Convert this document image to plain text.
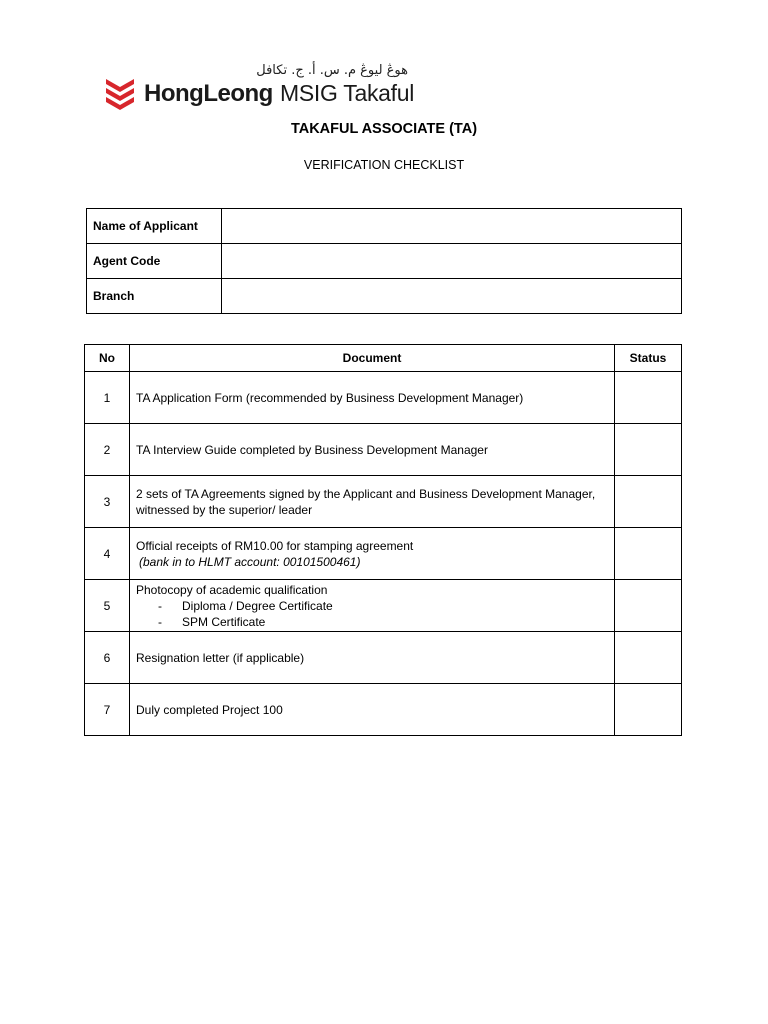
HongLeong MSIG Takaful
هوڠ ليوڠ م. س. أ. ج. تكافل
TAKAFUL ASSOCIATE (TA)
VERIFICATION CHECKLIST
Name of Applicant	
Agent Code	
Branch	
No	Document	Status
1	TA Application Form (recommended by Business Development Manager)	
2	TA Interview Guide completed by Business Development Manager	
3	2 sets of TA Agreements signed by the Applicant and Business Development Manager, witnessed by the superior/ leader	
4	Official receipts of RM10.00 for stamping agreement
(bank in to HLMT account: 00101500461)	

5	Photocopy of academic qualification
- Diploma / Degree Certificate
- SPM Certificate	

6	Resignation letter (if applicable)	
7	Duly completed Project 100	
